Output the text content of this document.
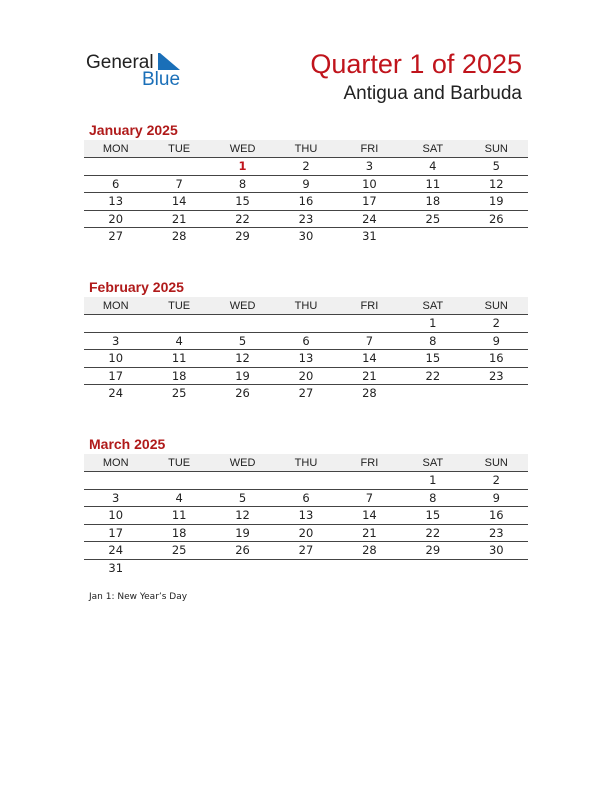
General
Blue
Quarter 1 of 2025
Antigua and Barbuda
January 2025
MON	TUE	WED	THU	FRI	SAT	SUN
		1	2	3	4	5
6	7	8	9	10	11	12
13	14	15	16	17	18	19
20	21	22	23	24	25	26
27	28	29	30	31		
February 2025
MON	TUE	WED	THU	FRI	SAT	SUN
					1	2
3	4	5	6	7	8	9
10	11	12	13	14	15	16
17	18	19	20	21	22	23
24	25	26	27	28		
March 2025
MON	TUE	WED	THU	FRI	SAT	SUN
					1	2
3	4	5	6	7	8	9
10	11	12	13	14	15	16
17	18	19	20	21	22	23
24	25	26	27	28	29	30
31						
Jan 1: New Year’s Day
